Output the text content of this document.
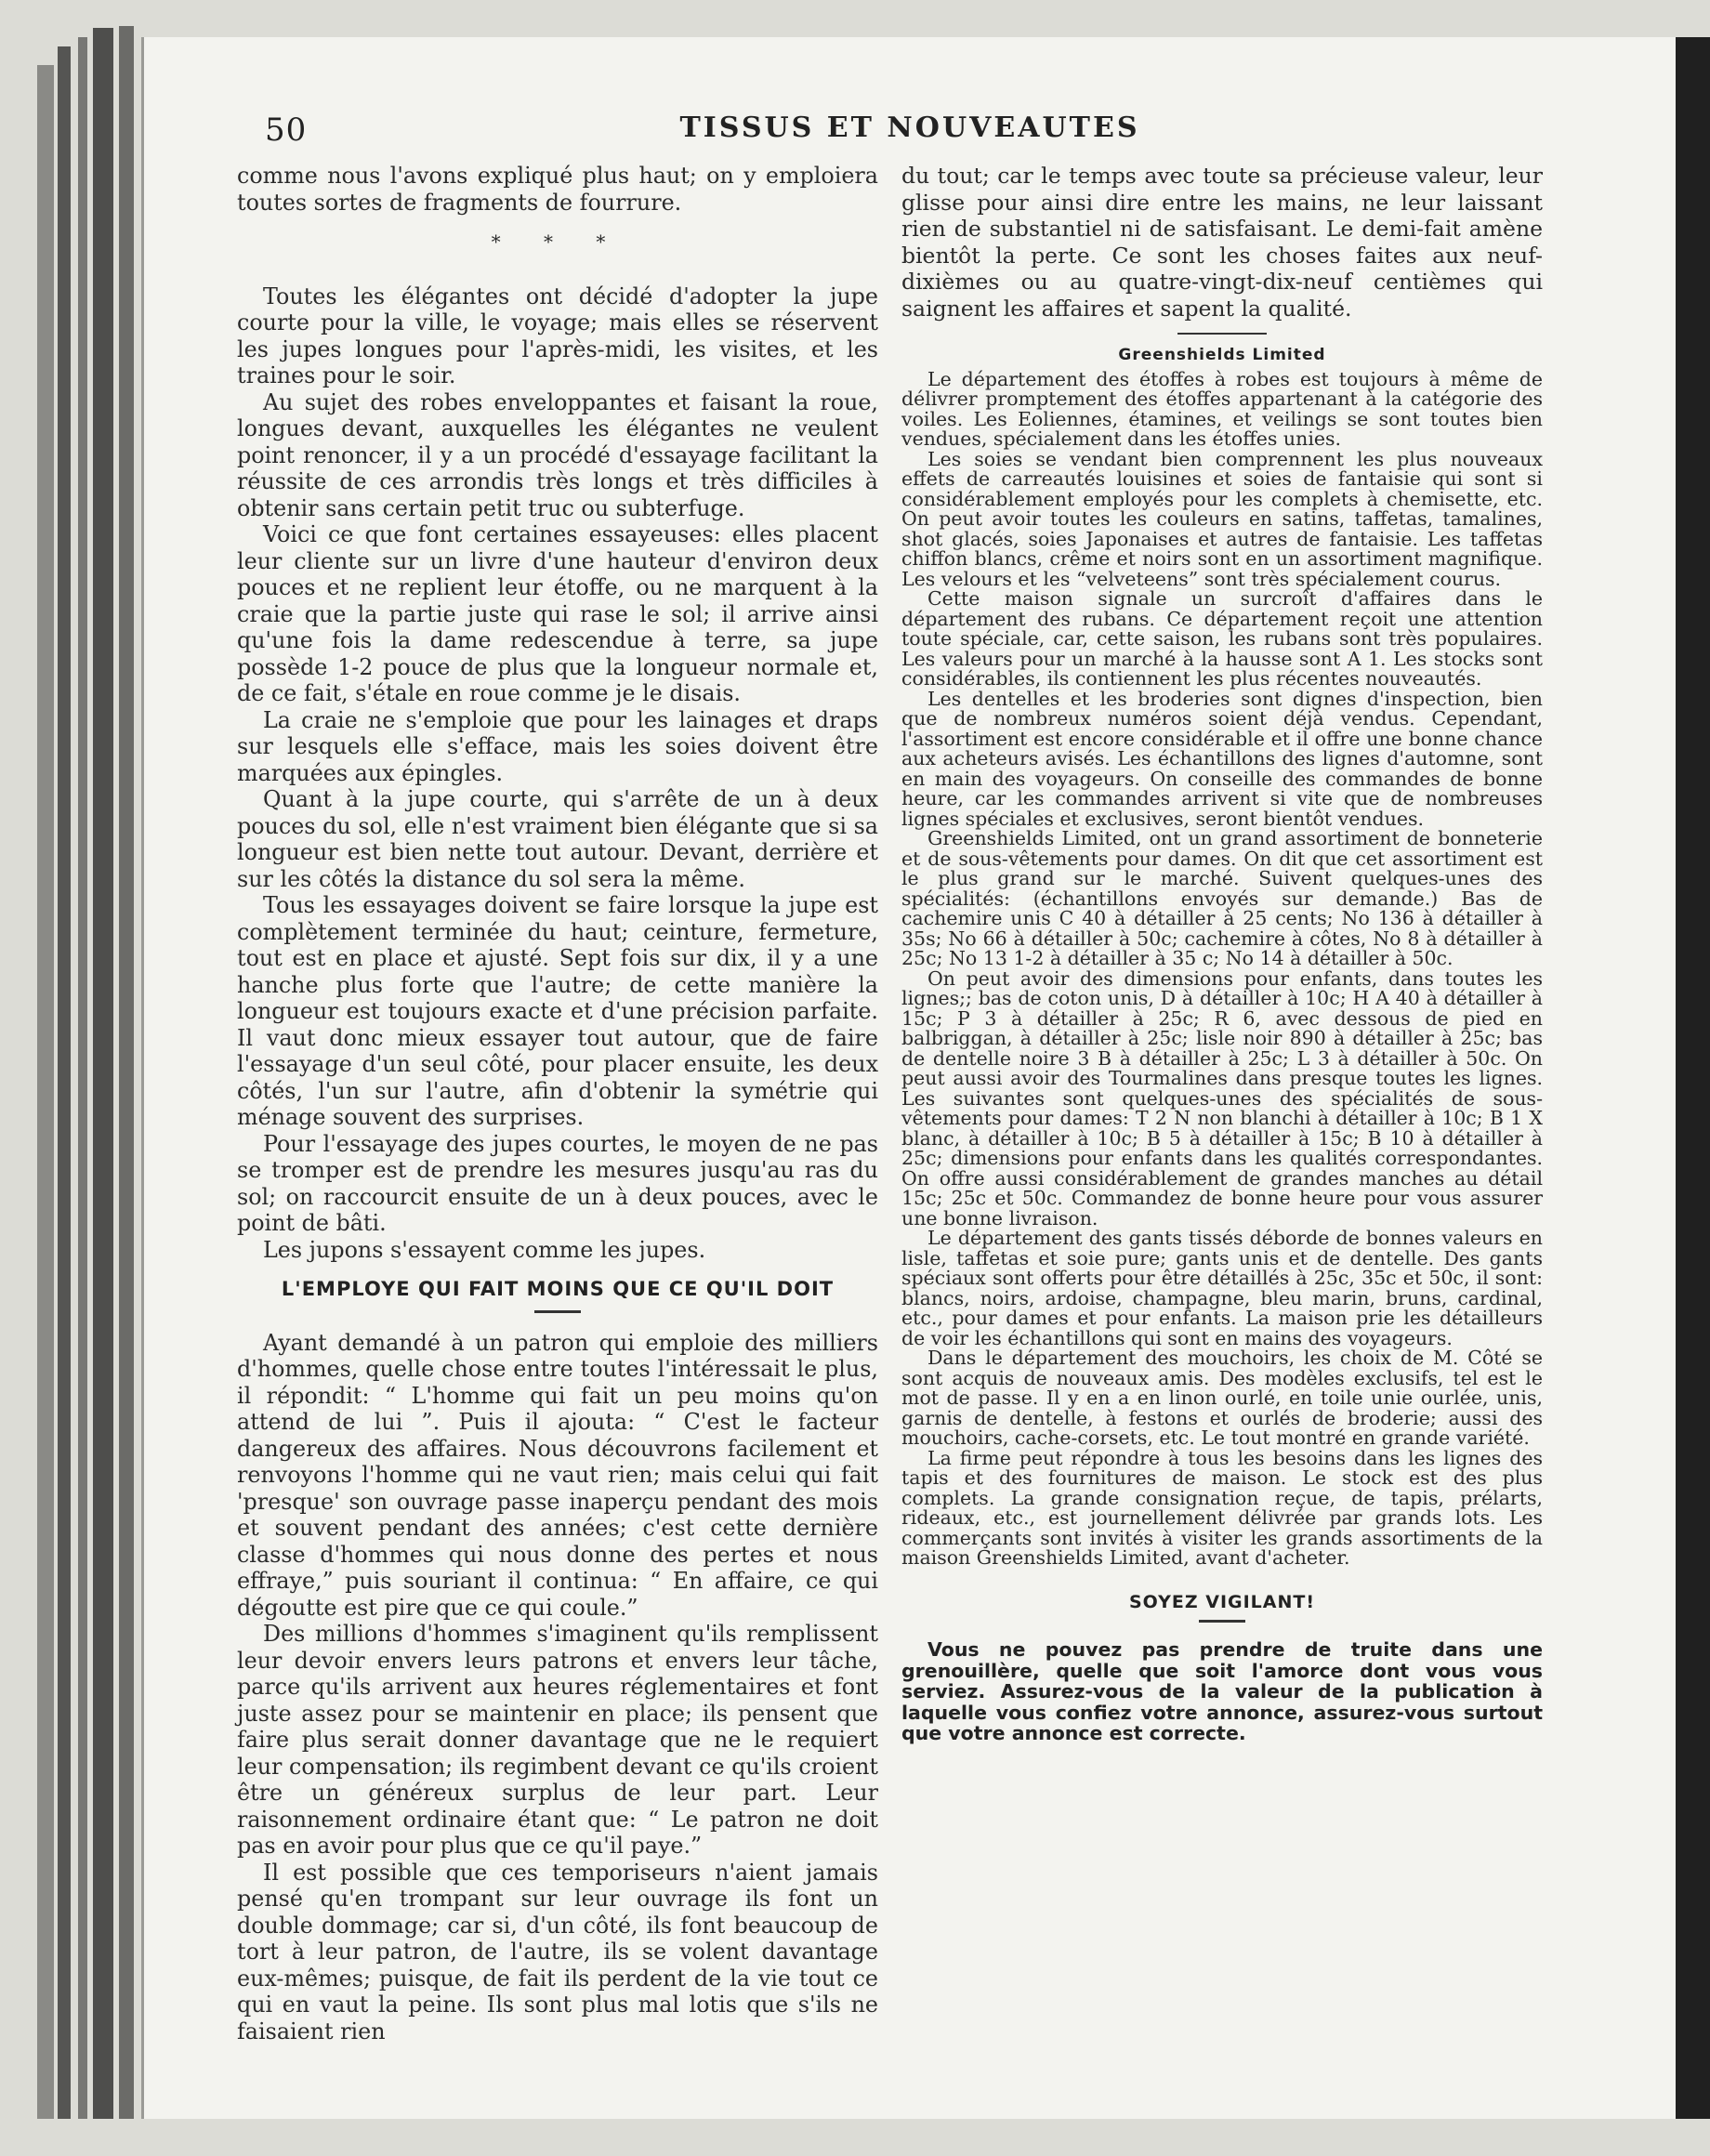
50	TISSUS ET NOUVEAUTES

comme nous l'avons expliqué plus haut; on y emploiera toutes sortes de fragments de fourrure.

* * *

Toutes les élégantes ont décidé d'adopter la jupe courte pour la ville, le voyage; mais elles se réservent les jupes longues pour l'après-midi, les visites, et les traines pour le soir.

Au sujet des robes enveloppantes et faisant la roue, longues devant, auxquelles les élégantes ne veulent point renoncer, il y a un procédé d'essayage facilitant la réussite de ces arrondis très longs et très difficiles à obtenir sans certain petit truc ou subterfuge.

Voici ce que font certaines essayeuses: elles placent leur cliente sur un livre d'une hauteur d'environ deux pouces et ne replient leur étoffe, ou ne marquent à la craie que la partie juste qui rase le sol; il arrive ainsi qu'une fois la dame redescendue à terre, sa jupe possède 1-2 pouce de plus que la longueur normale et, de ce fait, s'étale en roue comme je le disais.

La craie ne s'emploie que pour les lainages et draps sur lesquels elle s'efface, mais les soies doivent être marquées aux épingles.

Quant à la jupe courte, qui s'arrête de un à deux pouces du sol, elle n'est vraiment bien élégante que si sa longueur est bien nette tout autour. Devant, derrière et sur les côtés la distance du sol sera la même.

Tous les essayages doivent se faire lorsque la jupe est complètement terminée du haut; ceinture, fermeture, tout est en place et ajusté. Sept fois sur dix, il y a une hanche plus forte que l'autre; de cette manière la longueur est toujours exacte et d'une précision parfaite. Il vaut donc mieux essayer tout autour, que de faire l'essayage d'un seul côté, pour placer ensuite, les deux côtés, l'un sur l'autre, afin d'obtenir la symétrie qui ménage souvent des surprises.

Pour l'essayage des jupes courtes, le moyen de ne pas se tromper est de prendre les mesures jusqu'au ras du sol; on raccourcit ensuite de un à deux pouces, avec le point de bâti.

Les jupons s'essayent comme les jupes.

L'EMPLOYE QUI FAIT MOINS QUE CE QU'IL DOIT

Ayant demandé à un patron qui emploie des milliers d'hommes, quelle chose entre toutes l'intéressait le plus, il répondit: “ L'homme qui fait un peu moins qu'on attend de lui ”. Puis il ajouta: “ C'est le facteur dangereux des affaires. Nous découvrons facilement et renvoyons l'homme qui ne vaut rien; mais celui qui fait 'presque' son ouvrage passe inaperçu pendant des mois et souvent pendant des années; c'est cette dernière classe d'hommes qui nous donne des pertes et nous effraye,” puis souriant il continua: “ En affaire, ce qui dégoutte est pire que ce qui coule.”

Des millions d'hommes s'imaginent qu'ils remplissent leur devoir envers leurs patrons et envers leur tâche, parce qu'ils arrivent aux heures réglementaires et font juste assez pour se maintenir en place; ils pensent que faire plus serait donner davantage que ne le requiert leur compensation; ils regimbent devant ce qu'ils croient être un généreux surplus de leur part. Leur raisonnement ordinaire étant que: “ Le patron ne doit pas en avoir pour plus que ce qu'il paye.”

Il est possible que ces temporiseurs n'aient jamais pensé qu'en trompant sur leur ouvrage ils font un double dommage; car si, d'un côté, ils font beaucoup de tort à leur patron, de l'autre, ils se volent davantage eux-mêmes; puisque, de fait ils perdent de la vie tout ce qui en vaut la peine. Ils sont plus mal lotis que s'ils ne faisaient rien

du tout; car le temps avec toute sa précieuse valeur, leur glisse pour ainsi dire entre les mains, ne leur laissant rien de substantiel ni de satisfaisant. Le demi-fait amène bientôt la perte. Ce sont les choses faites aux neuf-dixièmes ou au quatre-vingt-dix-neuf centièmes qui saignent les affaires et sapent la qualité.

Greenshields Limited

Le département des étoffes à robes est toujours à même de délivrer promptement des étoffes appartenant à la catégorie des voiles. Les Eoliennes, étamines, et veilings se sont toutes bien vendues, spécialement dans les étoffes unies.

Les soies se vendant bien comprennent les plus nouveaux effets de carreautés louisines et soies de fantaisie qui sont si considérablement employés pour les complets à chemisette, etc. On peut avoir toutes les couleurs en satins, taffetas, tamalines, shot glacés, soies Japonaises et autres de fantaisie. Les taffetas chiffon blancs, crême et noirs sont en un assortiment magnifique. Les velours et les “velveteens” sont très spécialement courus.

Cette maison signale un surcroît d'affaires dans le département des rubans. Ce département reçoit une attention toute spéciale, car, cette saison, les rubans sont très populaires. Les valeurs pour un marché à la hausse sont A 1. Les stocks sont considérables, ils contiennent les plus récentes nouveautés.

Les dentelles et les broderies sont dignes d'inspection, bien que de nombreux numéros soient déjà vendus. Cependant, l'assortiment est encore considérable et il offre une bonne chance aux acheteurs avisés. Les échantillons des lignes d'automne, sont en main des voyageurs. On conseille des commandes de bonne heure, car les commandes arrivent si vite que de nombreuses lignes spéciales et exclusives, seront bientôt vendues.

Greenshields Limited, ont un grand assortiment de bonneterie et de sous-vêtements pour dames. On dit que cet assortiment est le plus grand sur le marché. Suivent quelques-unes des spécialités: (échantillons envoyés sur demande.) Bas de cachemire unis C 40 à détailler à 25 cents; No 136 à détailler à 35s; No 66 à détailler à 50c; cachemire à côtes, No 8 à détailler à 25c; No 13 1-2 à détailler à 35 c; No 14 à détailler à 50c.

On peut avoir des dimensions pour enfants, dans toutes les lignes;; bas de coton unis, D à détailler à 10c; H A 40 à détailler à 15c; P 3 à détailler à 25c; R 6, avec dessous de pied en balbriggan, à détailler à 25c; lisle noir 890 à détailler à 25c; bas de dentelle noire 3 B à détailler à 25c; L 3 à détailler à 50c. On peut aussi avoir des Tourmalines dans presque toutes les lignes. Les suivantes sont quelques-unes des spécialités de sous-vêtements pour dames: T 2 N non blanchi à détailler à 10c; B 1 X blanc, à détailler à 10c; B 5 à détailler à 15c; B 10 à détailler à 25c; dimensions pour enfants dans les qualités correspondantes. On offre aussi considérablement de grandes manches au détail 15c; 25c et 50c. Commandez de bonne heure pour vous assurer une bonne livraison.

Le département des gants tissés déborde de bonnes valeurs en lisle, taffetas et soie pure; gants unis et de dentelle. Des gants spéciaux sont offerts pour être détaillés à 25c, 35c et 50c, il sont: blancs, noirs, ardoise, champagne, bleu marin, bruns, cardinal, etc., pour dames et pour enfants. La maison prie les détailleurs de voir les échantillons qui sont en mains des voyageurs.

Dans le département des mouchoirs, les choix de M. Côté se sont acquis de nouveaux amis. Des modèles exclusifs, tel est le mot de passe. Il y en a en linon ourlé, en toile unie ourlée, unis, garnis de dentelle, à festons et ourlés de broderie; aussi des mouchoirs, cache-corsets, etc. Le tout montré en grande variété.

La firme peut répondre à tous les besoins dans les lignes des tapis et des fournitures de maison. Le stock est des plus complets. La grande consignation reçue, de tapis, prélarts, rideaux, etc., est journellement délivrée par grands lots. Les commerçants sont invités à visiter les grands assortiments de la maison Greenshields Limited, avant d'acheter.

SOYEZ VIGILANT!

Vous ne pouvez pas prendre de truite dans une grenouillère, quelle que soit l'amorce dont vous vous serviez. Assurez-vous de la valeur de la publication à laquelle vous confiez votre annonce, assurez-vous surtout que votre annonce est correcte.
